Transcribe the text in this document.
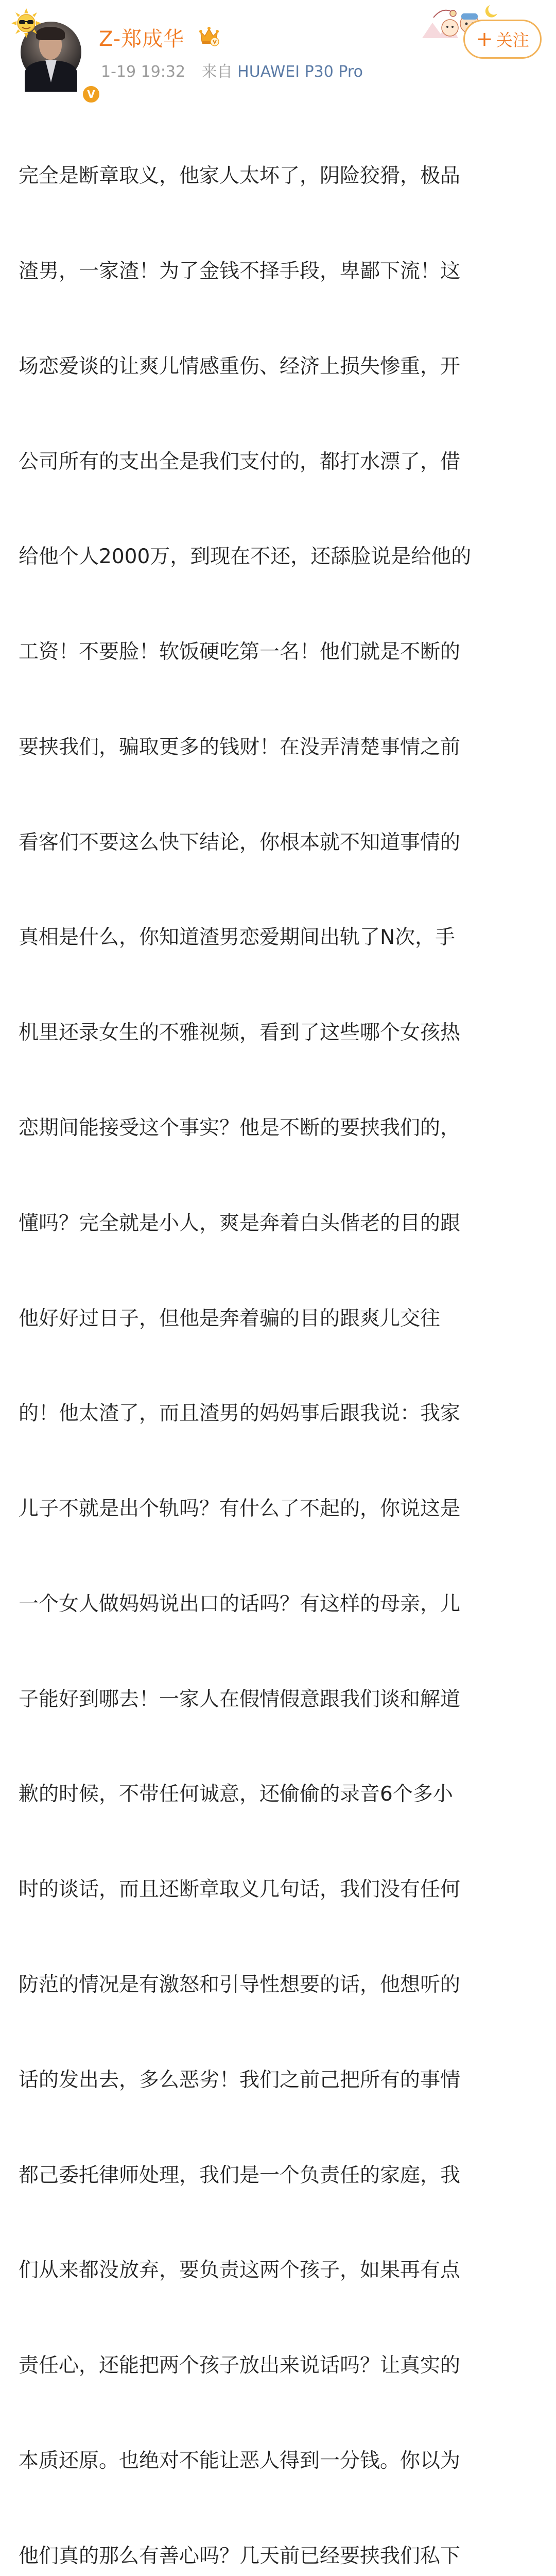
V
Z-郑成华
1-19 19:32 来自 HUAWEI P30 Pro
+ 关注

完全是断章取义，他家人太坏了，阴险狡猾，极品

渣男，一家渣！为了金钱不择手段，卑鄙下流！这

场恋爱谈的让爽儿情感重伤、经济上损失惨重，开

公司所有的支出全是我们支付的，都打水漂了，借

给他个人2000万，到现在不还，还舔脸说是给他的

工资！不要脸！软饭硬吃第一名！他们就是不断的

要挟我们，骗取更多的钱财！在没弄清楚事情之前

看客们不要这么快下结论，你根本就不知道事情的

真相是什么，你知道渣男恋爱期间出轨了N次，手

机里还录女生的不雅视频，看到了这些哪个女孩热

恋期间能接受这个事实？他是不断的要挟我们的，

懂吗？完全就是小人，爽是奔着白头偕老的目的跟

他好好过日子，但他是奔着骗的目的跟爽儿交往

的！他太渣了，而且渣男的妈妈事后跟我说：我家

儿子不就是出个轨吗？有什么了不起的，你说这是

一个女人做妈妈说出口的话吗？有这样的母亲，儿

子能好到哪去！一家人在假情假意跟我们谈和解道

歉的时候，不带任何诚意，还偷偷的录音6个多小

时的谈话，而且还断章取义几句话，我们没有任何

防范的情况是有激怒和引导性想要的话，他想听的

话的发出去，多么恶劣！我们之前己把所有的事情

都己委托律师处理，我们是一个负责任的家庭，我

们从来都没放弃，要负责这两个孩子，如果再有点

责任心，还能把两个孩子放出来说话吗？让真实的

本质还原。也绝对不能让恶人得到一分钱。你以为

他们真的那么有善心吗？几天前已经要挟我们私下
